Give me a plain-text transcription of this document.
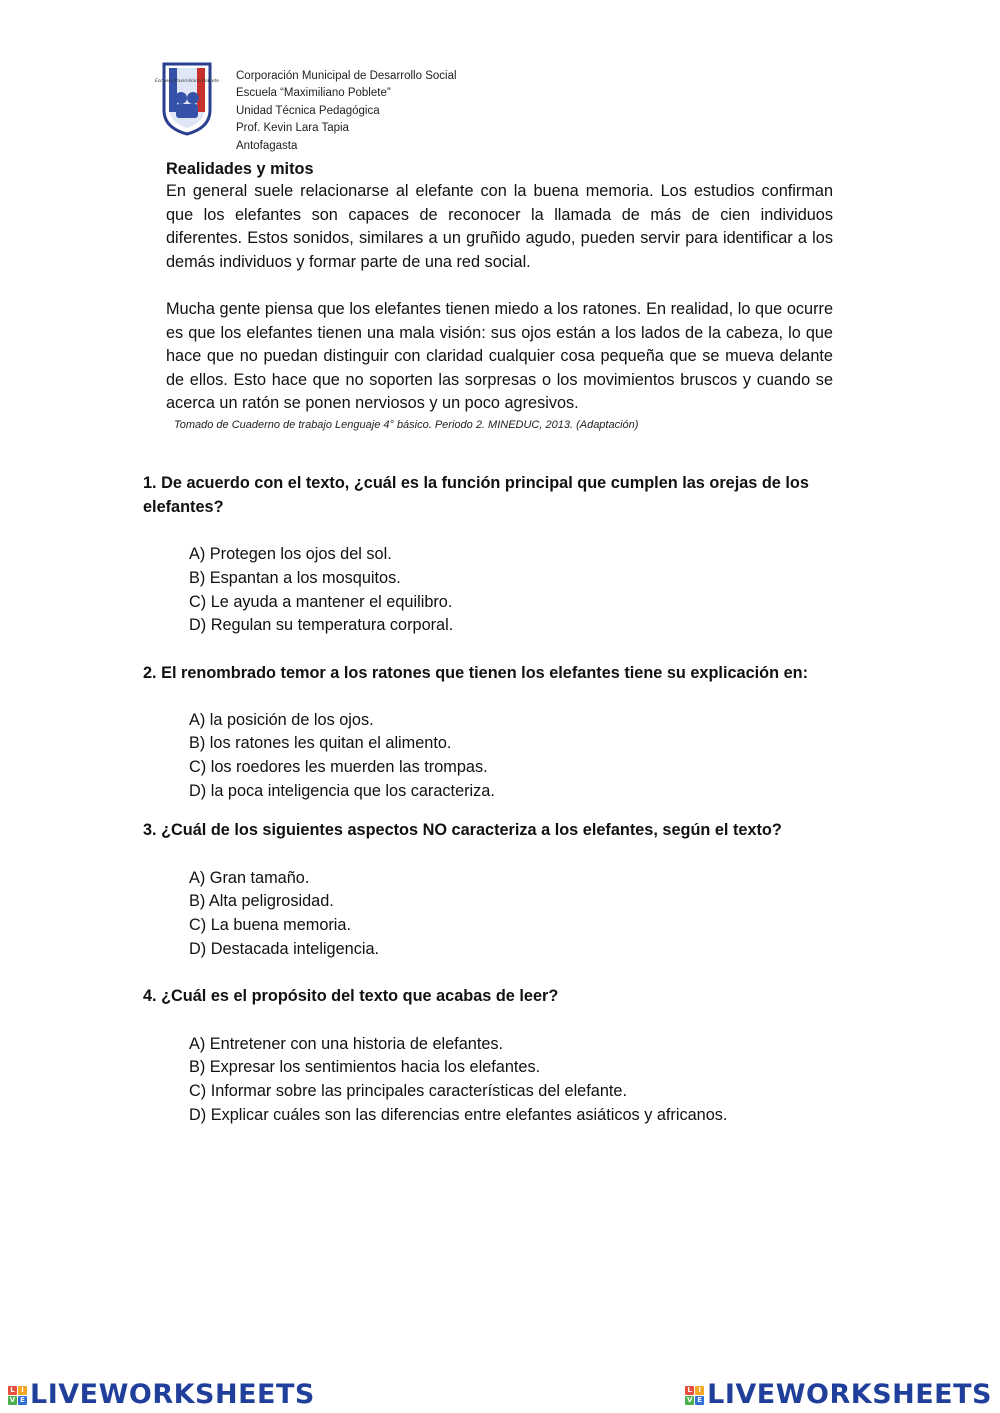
Escuela Maximiliano Poblete Corporación Municipal de Desarrollo Social
Escuela “Maximiliano Poblete”
Unidad Técnica Pedagógica
Prof. Kevin Lara Tapia
Antofagasta
Realidades y mitos

En general suele relacionarse al elefante con la buena memoria. Los estudios confirman que los elefantes son capaces de reconocer la llamada de más de cien individuos diferentes. Estos sonidos, similares a un gruñido agudo, pueden servir para identificar a los demás individuos y formar parte de una red social.

Mucha gente piensa que los elefantes tienen miedo a los ratones. En realidad, lo que ocurre es que los elefantes tienen una mala visión: sus ojos están a los lados de la cabeza, lo que hace que no puedan distinguir con claridad cualquier cosa pequeña que se mueva delante de ellos. Esto hace que no soporten las sorpresas o los movimientos bruscos y cuando se acerca un ratón se ponen nerviosos y un poco agresivos.

Tomado de Cuaderno de trabajo Lenguaje 4° básico. Periodo 2. MINEDUC, 2013. (Adaptación)

1. De acuerdo con el texto, ¿cuál es la función principal que cumplen las orejas de los elefantes?

A) Protegen los ojos del sol.
B) Espantan a los mosquitos.
C) Le ayuda a mantener el equilibro.
D) Regulan su temperatura corporal.

2. El renombrado temor a los ratones que tienen los elefantes tiene su explicación en:

A) la posición de los ojos.
B) los ratones les quitan el alimento.
C) los roedores les muerden las trompas.
D) la poca inteligencia que los caracteriza.

3. ¿Cuál de los siguientes aspectos NO caracteriza a los elefantes, según el texto?

A) Gran tamaño.
B) Alta peligrosidad.
C) La buena memoria.
D) Destacada inteligencia.

4. ¿Cuál es el propósito del texto que acabas de leer?

A) Entretener con una historia de elefantes.
B) Expresar los sentimientos hacia los elefantes.
C) Informar sobre las principales características del elefante.
D) Explicar cuáles son las diferencias entre elefantes asiáticos y africanos.
L I
V E LIVEWORKSHEETS	L I
V E LIVEWORKSHEETS
